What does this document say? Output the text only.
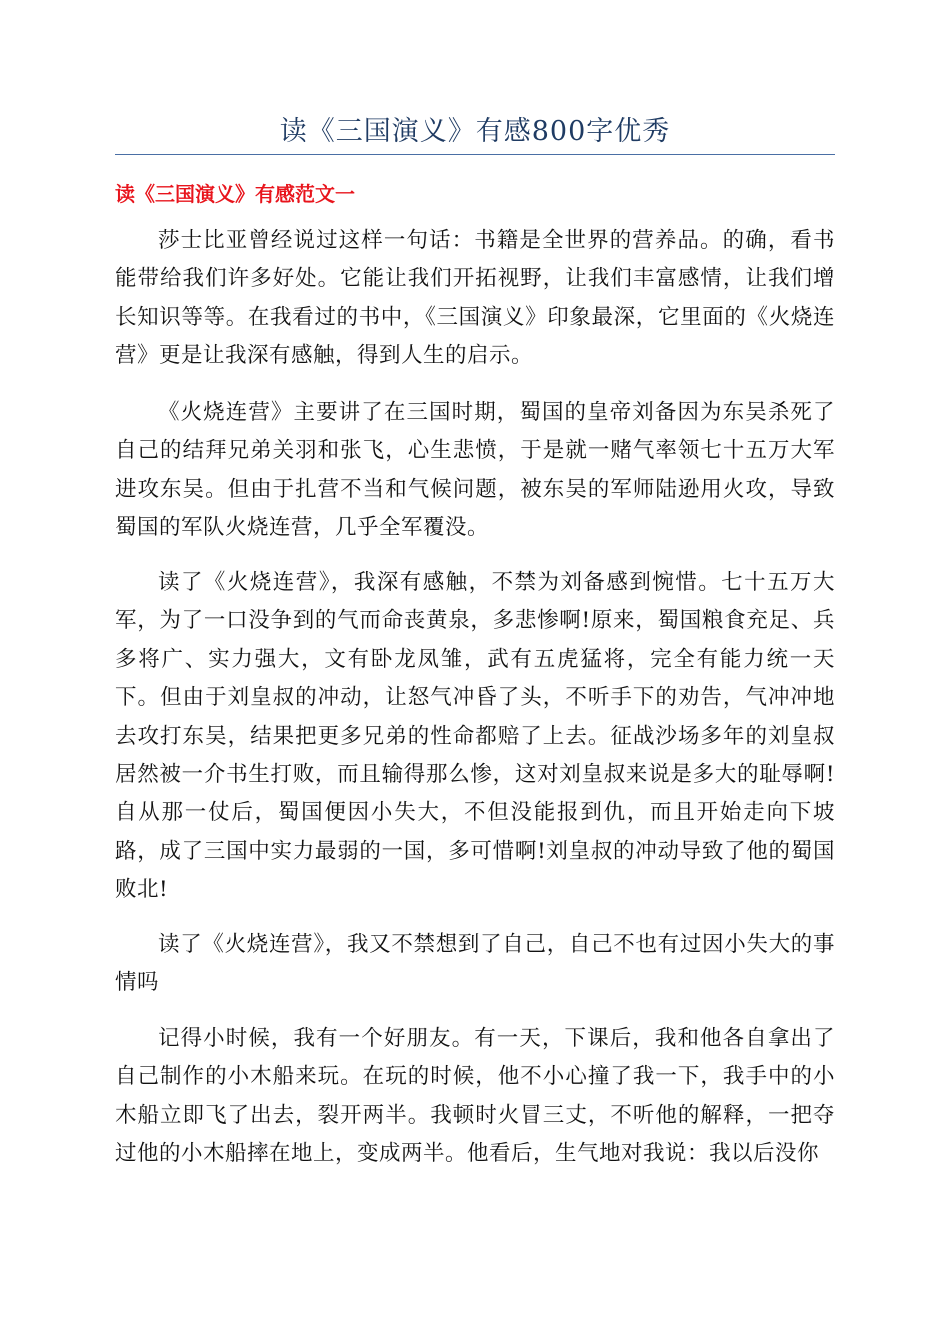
读《三国演义》有感800字优秀
读《三国演义》有感范文一

莎士比亚曾经说过这样一句话：书籍是全世界的营养品。的确，看书能带给我们许多好处。它能让我们开拓视野，让我们丰富感情，让我们增长知识等等。在我看过的书中，《三国演义》印象最深，它里面的《火烧连营》更是让我深有感触，得到人生的启示。

《火烧连营》主要讲了在三国时期，蜀国的皇帝刘备因为东吴杀死了自己的结拜兄弟关羽和张飞，心生悲愤，于是就一赌气率领七十五万大军进攻东吴。但由于扎营不当和气候问题，被东吴的军师陆逊用火攻，导致蜀国的军队火烧连营，几乎全军覆没。

读了《火烧连营》，我深有感触，不禁为刘备感到惋惜。七十五万大军，为了一口没争到的气而命丧黄泉，多悲惨啊!原来，蜀国粮食充足、兵多将广、实力强大，文有卧龙凤雏，武有五虎猛将，完全有能力统一天下。但由于刘皇叔的冲动，让怒气冲昏了头，不听手下的劝告，气冲冲地去攻打东吴，结果把更多兄弟的性命都赔了上去。征战沙场多年的刘皇叔居然被一介书生打败，而且输得那么惨，这对刘皇叔来说是多大的耻辱啊!自从那一仗后，蜀国便因小失大，不但没能报到仇，而且开始走向下坡路，成了三国中实力最弱的一国，多可惜啊!刘皇叔的冲动导致了他的蜀国败北!

读了《火烧连营》，我又不禁想到了自己，自己不也有过因小失大的事情吗

记得小时候，我有一个好朋友。有一天，下课后，我和他各自拿出了自己制作的小木船来玩。在玩的时候，他不小心撞了我一下，我手中的小木船立即飞了出去，裂开两半。我顿时火冒三丈，不听他的解释，一把夺过他的小木船摔在地上，变成两半。他看后，生气地对我说：我以后没你
